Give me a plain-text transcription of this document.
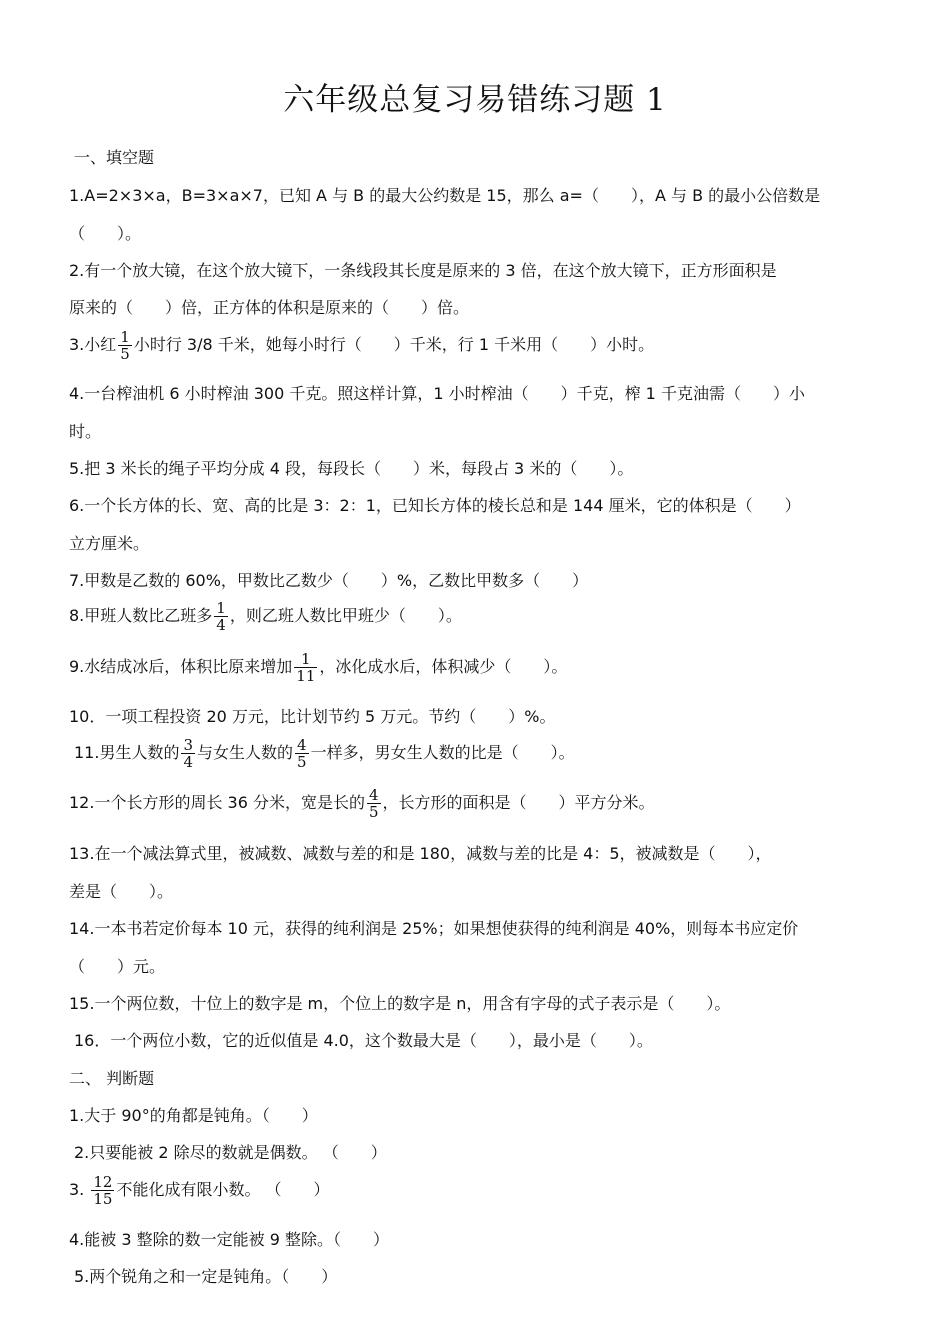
六年级总复习易错练习题 1
一、填空题
1.A=2×3×a，B=3×a×7，已知 A 与 B 的最大公约数是 15，那么 a=（　　），A 与 B 的最小公倍数是
（　　）。
2.有一个放大镜，在这个放大镜下，一条线段其长度是原来的 3 倍，在这个放大镜下，正方形面积是
原来的（　　）倍，正方体的体积是原来的（　　）倍。
3.小红 $\frac{1}{5}$ 小时行 3/8 千米，她每小时行（　　）千米，行 1 千米用（　　）小时。
4.一台榨油机 6 小时榨油 300 千克。照这样计算，1 小时榨油（　　）千克，榨 1 千克油需（　　）小
时。
5.把 3 米长的绳子平均分成 4 段，每段长（　　）米，每段占 3 米的（　　）。
6.一个长方体的长、宽、高的比是 3：2：1，已知长方体的棱长总和是 144 厘米，它的体积是（　　）
立方厘米。
7.甲数是乙数的 60%，甲数比乙数少（　　）%，乙数比甲数多（　　）
8.甲班人数比乙班多 $\frac{1}{4}$ ，则乙班人数比甲班少（　　）。
9.水结成冰后，体积比原来增加 $\frac{1}{11}$ ，冰化成水后，体积减少（　　）。
10．一项工程投资 20 万元，比计划节约 5 万元。节约（　　）%。
11.男生人数的 $\frac{3}{4}$ 与女生人数的 $\frac{4}{5}$ 一样多，男女生人数的比是（　　）。
12.一个长方形的周长 36 分米，宽是长的 $\frac{4}{5}$ ，长方形的面积是（　　）平方分米。
13.在一个减法算式里，被减数、减数与差的和是 180，减数与差的比是 4：5，被减数是（　　），
差是（　　）。
14.一本书若定价每本 10 元，获得的纯利润是 25%；如果想使获得的纯利润是 40%，则每本书应定价
（　　）元。
15.一个两位数，十位上的数字是 m，个位上的数字是 n，用含有字母的式子表示是（　　）。
16．一个两位小数，它的近似值是 4.0，这个数最大是（　　），最小是（　　）。
二、 判断题
1.大于 90°的角都是钝角。（　　）
2.只要能被 2 除尽的数就是偶数。 （　　）
3. $\frac{12}{15}$ 不能化成有限小数。 （　　）
4.能被 3 整除的数一定能被 9 整除。（　　）
5.两个锐角之和一定是钝角。（　　）
